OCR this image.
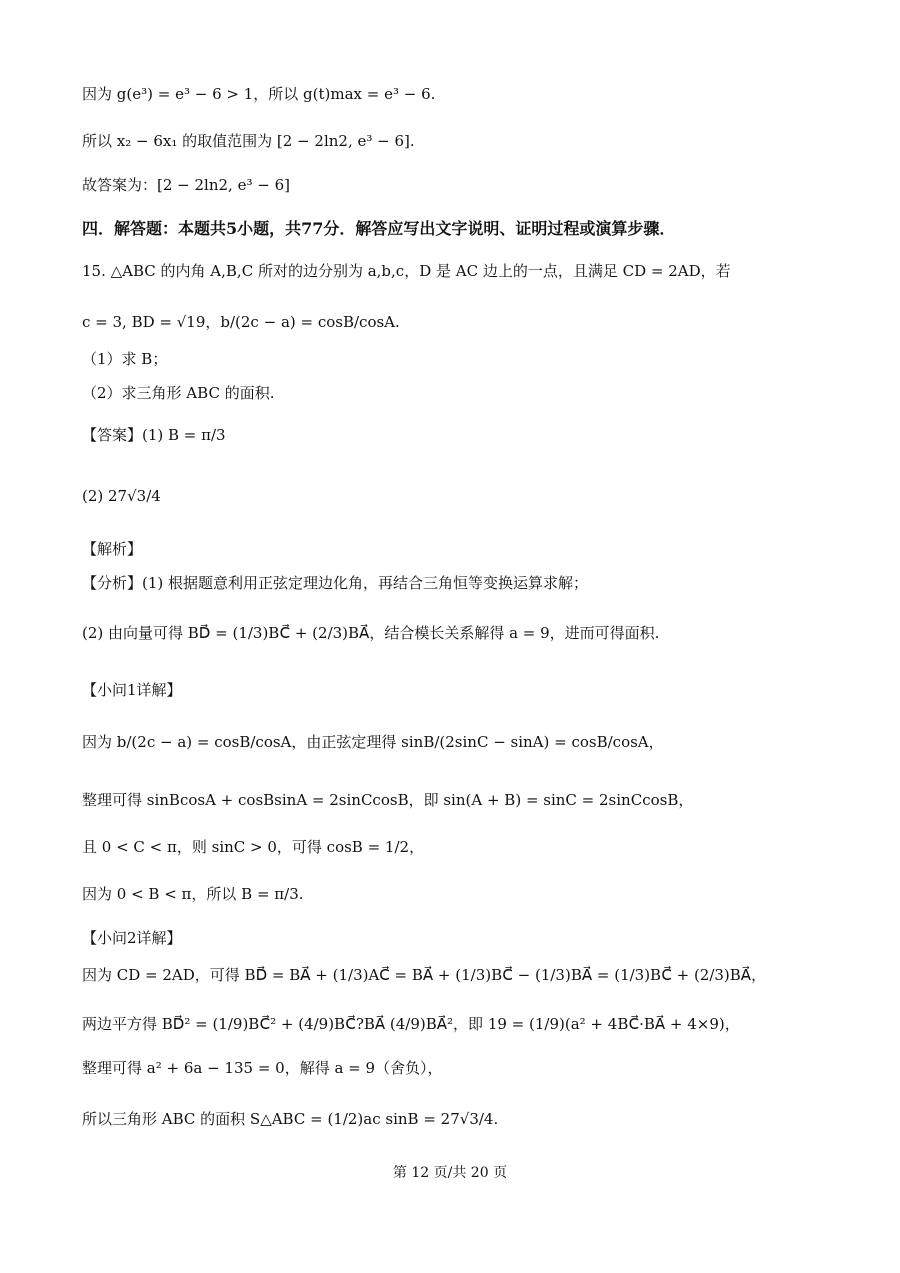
因为 g(e³) = e³ − 6 > 1，所以 g(t)max = e³ − 6.
所以 x₂ − 6x₁ 的取值范围为 [2 − 2ln2, e³ − 6].
故答案为：[2 − 2ln2, e³ − 6]
四．解答题：本题共5小题，共77分．解答应写出文字说明、证明过程或演算步骤．
15. △ABC 的内角 A,B,C 所对的边分别为 a,b,c，D 是 AC 边上的一点，且满足 CD = 2AD，若
c = 3, BD = √19，b/(2c − a) = cosB/cosA.
（1）求 B；
（2）求三角形 ABC 的面积.
【答案】(1) B = π/3
(2) 27√3/4
【解析】
【分析】(1) 根据题意利用正弦定理边化角，再结合三角恒等变换运算求解；
(2) 由向量可得 BD⃗ = (1/3)BC⃗ + (2/3)BA⃗，结合模长关系解得 a = 9，进而可得面积.
【小问1详解】
因为 b/(2c − a) = cosB/cosA，由正弦定理得 sinB/(2sinC − sinA) = cosB/cosA，
整理可得 sinBcosA + cosBsinA = 2sinCcosB，即 sin(A + B) = sinC = 2sinCcosB，
且 0 < C < π，则 sinC > 0，可得 cosB = 1/2，
因为 0 < B < π，所以 B = π/3.
【小问2详解】
因为 CD = 2AD，可得 BD⃗ = BA⃗ + (1/3)AC⃗ = BA⃗ + (1/3)BC⃗ − (1/3)BA⃗ = (1/3)BC⃗ + (2/3)BA⃗，
两边平方得 BD⃗² = (1/9)BC⃗² + (4/9)BC⃗?BA⃗ (4/9)BA⃗²，即 19 = (1/9)(a² + 4BC⃗·BA⃗ + 4×9)，
整理可得 a² + 6a − 135 = 0，解得 a = 9（舍负），
所以三角形 ABC 的面积 S△ABC = (1/2)ac sinB = 27√3/4.
第 12 页/共 20 页
